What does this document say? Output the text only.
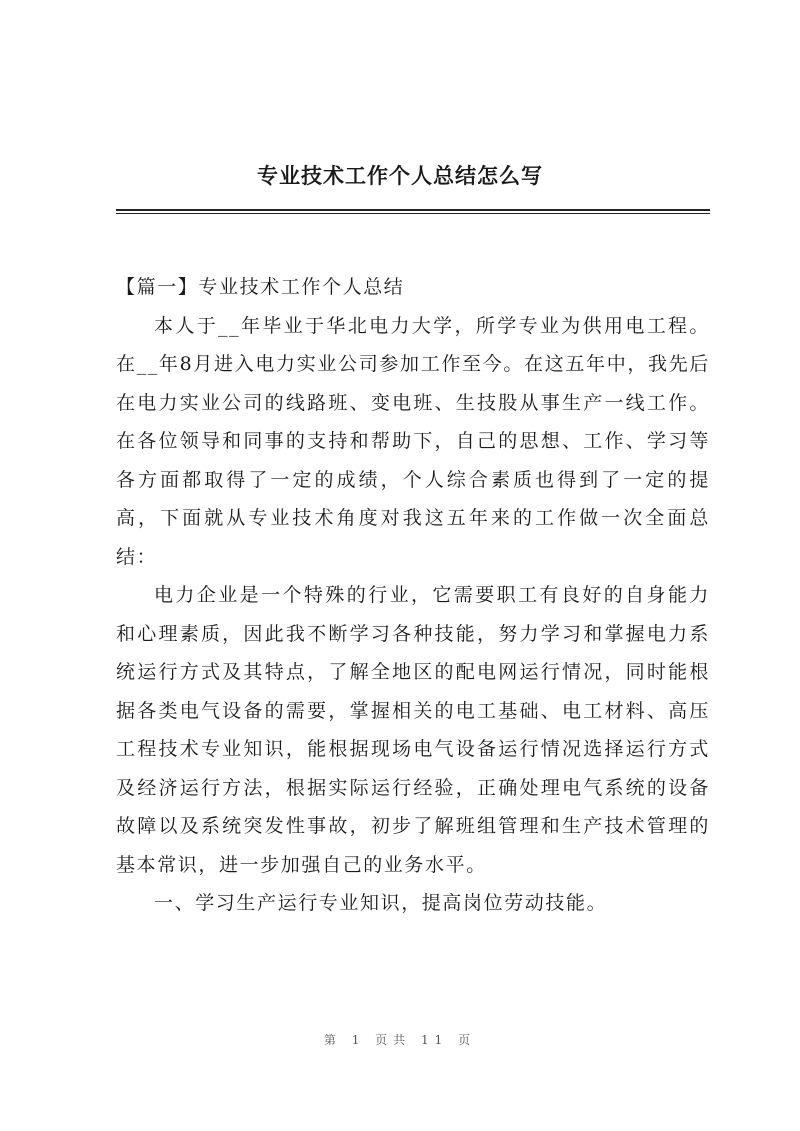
专业技术工作个人总结怎么写

【篇一】专业技术工作个人总结

本人于__年毕业于华北电力大学，所学专业为供用电工程。在__年8月进入电力实业公司参加工作至今。在这五年中，我先后在电力实业公司的线路班、变电班、生技股从事生产一线工作。在各位领导和同事的支持和帮助下，自己的思想、工作、学习等各方面都取得了一定的成绩，个人综合素质也得到了一定的提高，下面就从专业技术角度对我这五年来的工作做一次全面总结：

电力企业是一个特殊的行业，它需要职工有良好的自身能力和心理素质，因此我不断学习各种技能，努力学习和掌握电力系统运行方式及其特点，了解全地区的配电网运行情况，同时能根据各类电气设备的需要，掌握相关的电工基础、电工材料、高压工程技术专业知识，能根据现场电气设备运行情况选择运行方式及经济运行方法，根据实际运行经验，正确处理电气系统的设备故障以及系统突发性事故，初步了解班组管理和生产技术管理的基本常识，进一步加强自己的业务水平。

一、学习生产运行专业知识，提高岗位劳动技能。

第 1 页共 11 页
